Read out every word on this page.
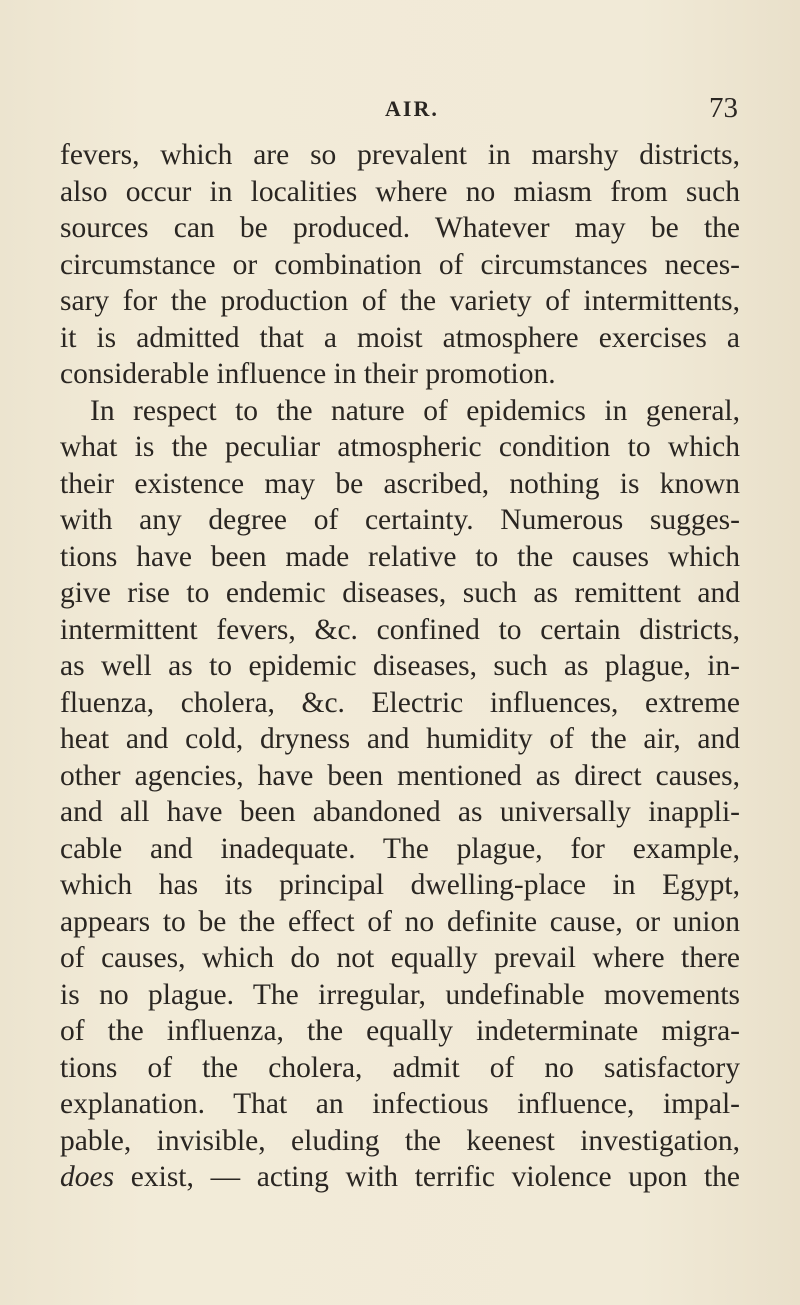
AIR.	73
fevers, which are so prevalent in marshy districts,
also occur in localities where no miasm from such
sources can be produced. Whatever may be the
circumstance or combination of circumstances neces-
sary for the production of the variety of intermittents,
it is admitted that a moist atmosphere exercises a
considerable influence in their promotion.
In respect to the nature of epidemics in general,
what is the peculiar atmospheric condition to which
their existence may be ascribed, nothing is known
with any degree of certainty. Numerous sugges-
tions have been made relative to the causes which
give rise to endemic diseases, such as remittent and
intermittent fevers, &c. confined to certain districts,
as well as to epidemic diseases, such as plague, in-
fluenza, cholera, &c. Electric influences, extreme
heat and cold, dryness and humidity of the air, and
other agencies, have been mentioned as direct causes,
and all have been abandoned as universally inappli-
cable and inadequate. The plague, for example,
which has its principal dwelling-place in Egypt,
appears to be the effect of no definite cause, or union
of causes, which do not equally prevail where there
is no plague. The irregular, undefinable movements
of the influenza, the equally indeterminate migra-
tions of the cholera, admit of no satisfactory
explanation. That an infectious influence, impal-
pable, invisible, eluding the keenest investigation,
does exist, — acting with terrific violence upon the
